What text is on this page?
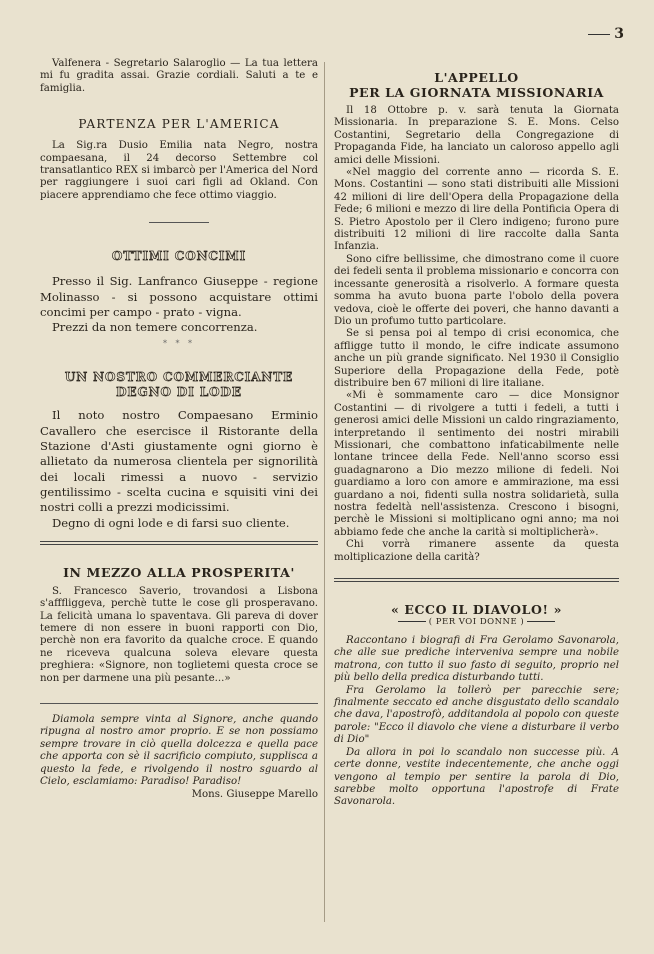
3

Valfenera - Segretario Salaroglio — La tua lettera mi fu gradita assai. Grazie cordiali. Saluti a te e famiglia.

PARTENZA PER L'AMERICA

La Sig.ra Dusio Emilia nata Negro, nostra compaesana, il 24 decorso Settembre col transatlantico REX si imbarcò per l'America del Nord per raggiungere i suoi cari figli ad Okland. Con piacere apprendiamo che fece ottimo viaggio.

OTTIMI CONCIMI

Presso il Sig. Lanfranco Giuseppe - regione Molinasso - si possono acquistare ottimi concimi per campo - prato - vigna.

Prezzi da non temere concorrenza.

* * *
UN NOSTRO COMMERCIANTE
DEGNO DI LODE

Il noto nostro Compaesano Erminio Cavallero che esercisce il Ristorante della Stazione d'Asti giustamente ogni giorno è allietato da numerosa clientela per signorilità dei locali rimessi a nuovo - servizio gentilissimo - scelta cucina e squisiti vini dei nostri colli a prezzi modicissimi.

Degno di ogni lode e di farsi suo cliente.

IN MEZZO ALLA PROSPERITA'

S. Francesco Saverio, trovandosi a Lisbona s'afffliggeva, perchè tutte le cose gli prosperavano. La felicità umana lo spaventava. Gli pareva di dover temere di non essere in buoni rapporti con Dio, perchè non era favorito da qualche croce. E quando ne riceveva qualcuna soleva elevare questa preghiera: «Signore, non toglietemi questa croce se non per darmene una più pesante...»

Diamola sempre vinta al Signore, anche quando ripugna al nostro amor proprio. E se non possiamo sempre trovare in ciò quella dolcezza e quella pace che apporta con sè il sacrificio compiuto, supplisca a questo la fede, e rivolgendo il nostro sguardo al Cielo, esclamiamo: Paradiso! Paradiso!

Mons. Giuseppe Marello

L'APPELLO
PER LA GIORNATA MISSIONARIA

Il 18 Ottobre p. v. sarà tenuta la Giornata Missionaria. In preparazione S. E. Mons. Celso Costantini, Segretario della Congregazione di Propaganda Fide, ha lanciato un caloroso appello agli amici delle Missioni.

«Nel maggio del corrente anno — ricorda S. E. Mons. Costantini — sono stati distribuiti alle Missioni 42 milioni di lire dell'Opera della Propagazione della Fede; 6 milioni e mezzo di lire della Pontificia Opera di S. Pietro Apostolo per il Clero indigeno; furono pure distribuiti 12 milioni di lire raccolte dalla Santa Infanzia.

Sono cifre bellissime, che dimostrano come il cuore dei fedeli senta il problema missionario e concorra con incessante generosità a risolverlo. A formare questa somma ha avuto buona parte l'obolo della povera vedova, cioè le offerte dei poveri, che hanno davanti a Dio un profumo tutto particolare.

Se si pensa poi al tempo di crisi economica, che affligge tutto il mondo, le cifre indicate assumono anche un più grande significato. Nel 1930 il Consiglio Superiore della Propagazione della Fede, potè distribuire ben 67 milioni di lire italiane.

«Mi è sommamente caro — dice Monsignor Costantini — di rivolgere a tutti i fedeli, a tutti i generosi amici delle Missioni un caldo ringraziamento, interpretando il sentimento dei nostri mirabili Missionari, che combattono infaticabilmente nelle lontane trincee della Fede. Nell'anno scorso essi guadagnarono a Dio mezzo milione di fedeli. Noi guardiamo a loro con amore e ammirazione, ma essi guardano a noi, fidenti sulla nostra solidarietà, sulla nostra fedeltà nell'assistenza. Crescono i bisogni, perchè le Missioni si moltiplicano ogni anno; ma noi abbiamo fede che anche la carità si moltiplicherà».

Chi vorrà rimanere assente da questa moltiplicazione della carità?

« ECCO IL DIAVOLO! »
( PER VOI DONNE )

Raccontano i biografi di Fra Gerolamo Savonarola, che alle sue prediche interveniva sempre una nobile matrona, con tutto il suo fasto di seguito, proprio nel più bello della predica disturbando tutti.

Fra Gerolamo la tollerò per parecchie sere; finalmente seccato ed anche disgustato dello scandalo che dava, l'apostrofò, additandola al popolo con queste parole: "Ecco il diavolo che viene a disturbare il verbo di Dio"

Da allora in poi lo scandalo non successe più. A certe donne, vestite indecentemente, che anche oggi vengono al tempio per sentire la parola di Dio, sarebbe molto opportuna l'apostrofe di Frate Savonarola.
